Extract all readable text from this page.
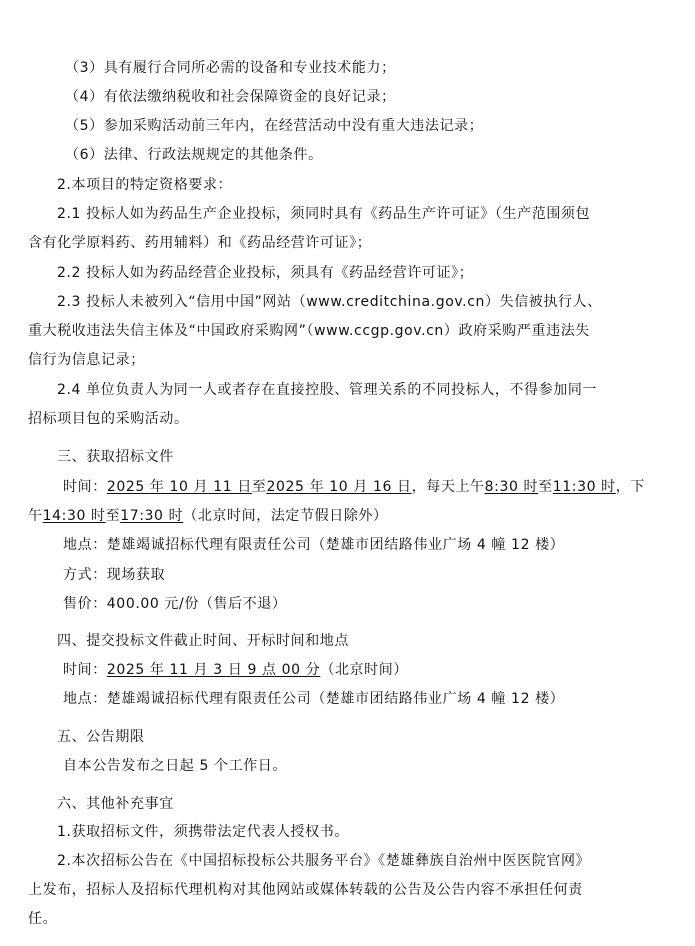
（3）具有履行合同所必需的设备和专业技术能力；
（4）有依法缴纳税收和社会保障资金的良好记录；
（5）参加采购活动前三年内，在经营活动中没有重大违法记录；
（6）法律、行政法规规定的其他条件。
2.本项目的特定资格要求：
2.1 投标人如为药品生产企业投标，须同时具有《药品生产许可证》（生产范围须包
含有化学原料药、药用辅料）和《药品经营许可证》；
2.2 投标人如为药品经营企业投标，须具有《药品经营许可证》；
2.3 投标人未被列入“信用中国”网站（www.creditchina.gov.cn）失信被执行人、
重大税收违法失信主体及“中国政府采购网”（www.ccgp.gov.cn）政府采购严重违法失
信行为信息记录；
2.4 单位负责人为同一人或者存在直接控股、管理关系的不同投标人，不得参加同一
招标项目包的采购活动。
三、获取招标文件
时间：2025 年 10 月 11 日至2025 年 10 月 16 日，每天上午8:30 时至11:30 时，下
午14:30 时至17:30 时（北京时间，法定节假日除外）
地点：楚雄竭诚招标代理有限责任公司（楚雄市团结路伟业广场 4 幢 12 楼）
方式：现场获取
售价：400.00 元/份（售后不退）
四、提交投标文件截止时间、开标时间和地点
时间：2025 年 11 月 3 日 9 点 00 分（北京时间）
地点：楚雄竭诚招标代理有限责任公司（楚雄市团结路伟业广场 4 幢 12 楼）
五、公告期限
自本公告发布之日起 5 个工作日。
六、其他补充事宜
1.获取招标文件，须携带法定代表人授权书。
2.本次招标公告在《中国招标投标公共服务平台》《楚雄彝族自治州中医医院官网》
上发布，招标人及招标代理机构对其他网站或媒体转载的公告及公告内容不承担任何责
任。
